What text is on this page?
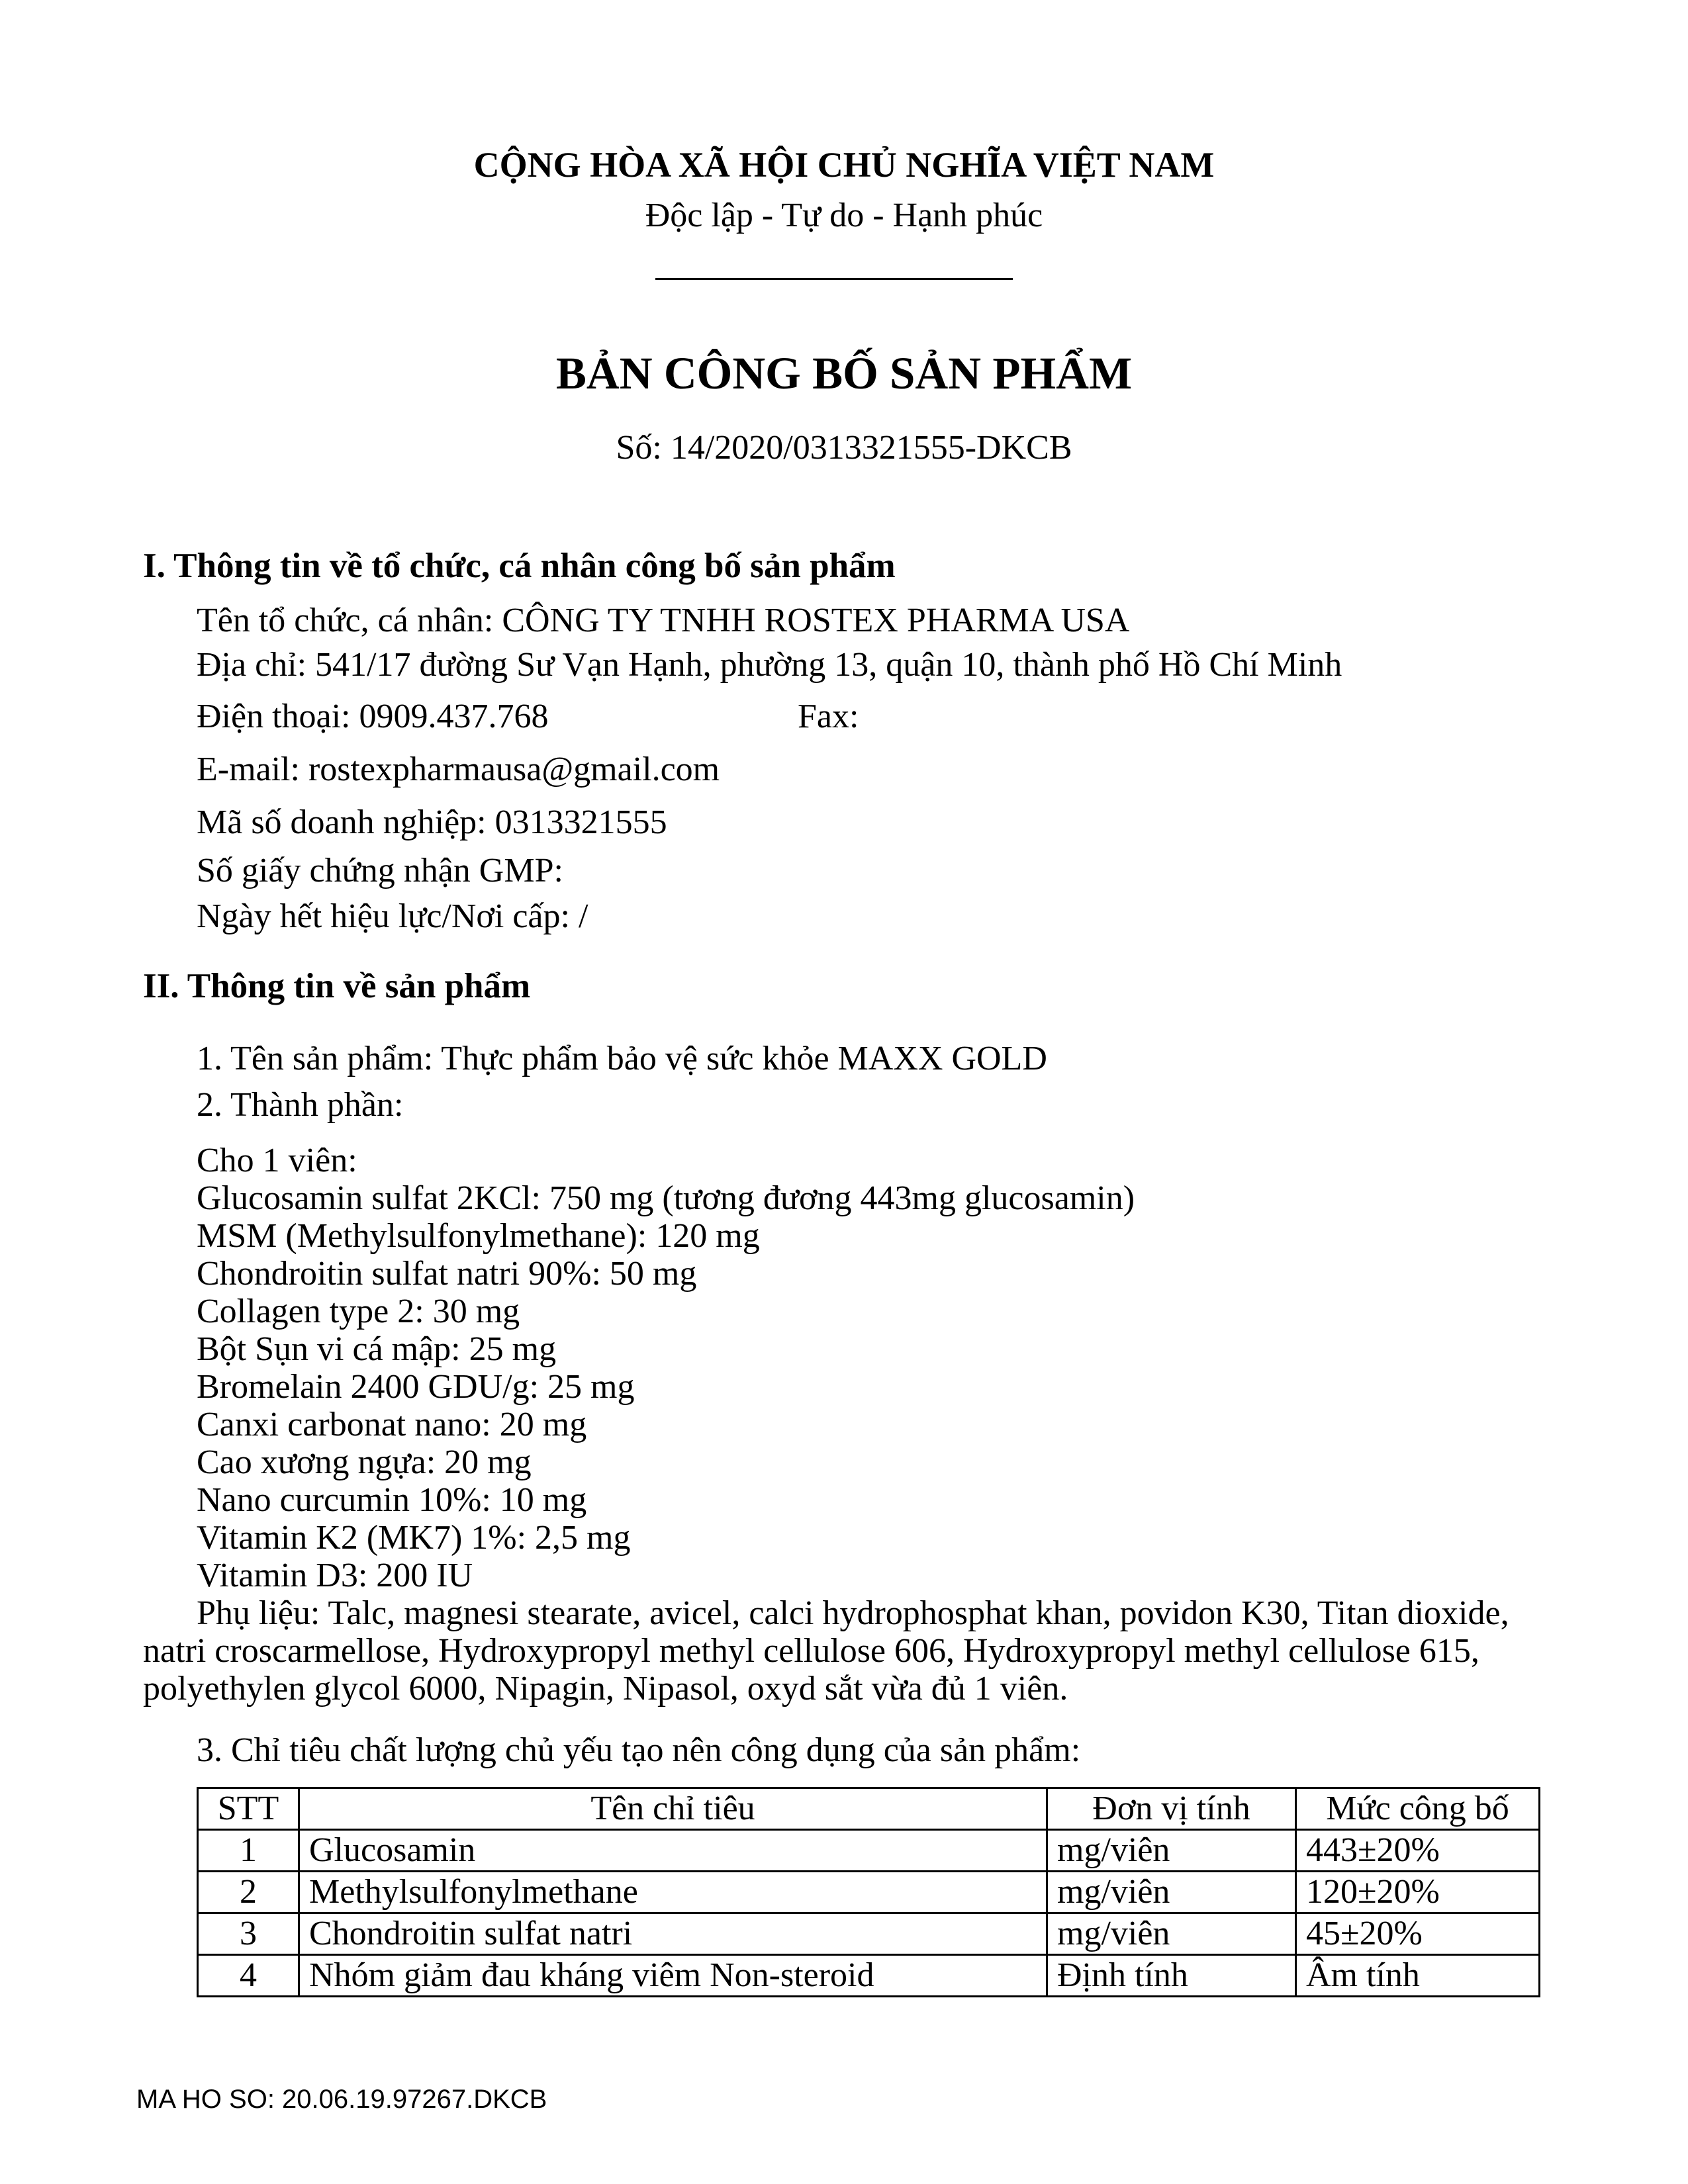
CỘNG HÒA XÃ HỘI CHỦ NGHĨA VIỆT NAM
Độc lập - Tự do - Hạnh phúc
BẢN CÔNG BỐ SẢN PHẨM
Số: 14/2020/0313321555-DKCB
I. Thông tin về tổ chức, cá nhân công bố sản phẩm
Tên tổ chức, cá nhân: CÔNG TY TNHH ROSTEX PHARMA USA
Địa chỉ: 541/17 đường Sư Vạn Hạnh, phường 13, quận 10, thành phố Hồ Chí Minh
Điện thoại: 0909.437.768	Fax:
E-mail: rostexpharmausa@gmail.com
Mã số doanh nghiệp: 0313321555
Số giấy chứng nhận GMP:
Ngày hết hiệu lực/Nơi cấp: /
II. Thông tin về sản phẩm
1. Tên sản phẩm: Thực phẩm bảo vệ sức khỏe MAXX GOLD
2. Thành phần:
Cho 1 viên:
Glucosamin sulfat 2KCl: 750 mg (tương đương 443mg glucosamin)
MSM (Methylsulfonylmethane): 120 mg
Chondroitin sulfat natri 90%: 50 mg
Collagen type 2: 30 mg
Bột Sụn vi cá mập: 25 mg
Bromelain 2400 GDU/g: 25 mg
Canxi carbonat nano: 20 mg
Cao xương ngựa: 20 mg
Nano curcumin 10%: 10 mg
Vitamin K2 (MK7) 1%: 2,5 mg
Vitamin D3: 200 IU
Phụ liệu: Talc, magnesi stearate, avicel, calci hydrophosphat khan, povidon K30, Titan dioxide, natri croscarmellose, Hydroxypropyl methyl cellulose 606, Hydroxypropyl methyl cellulose 615, polyethylen glycol 6000, Nipagin, Nipasol, oxyd sắt vừa đủ 1 viên.
3. Chỉ tiêu chất lượng chủ yếu tạo nên công dụng của sản phẩm:
STT	Tên chỉ tiêu	Đơn vị tính	Mức công bố
1	Glucosamin	mg/viên	443±20%
2	Methylsulfonylmethane	mg/viên	120±20%
3	Chondroitin sulfat natri	mg/viên	45±20%
4	Nhóm giảm đau kháng viêm Non-steroid	Định tính	Âm tính
MA HO SO: 20.06.19.97267.DKCB
